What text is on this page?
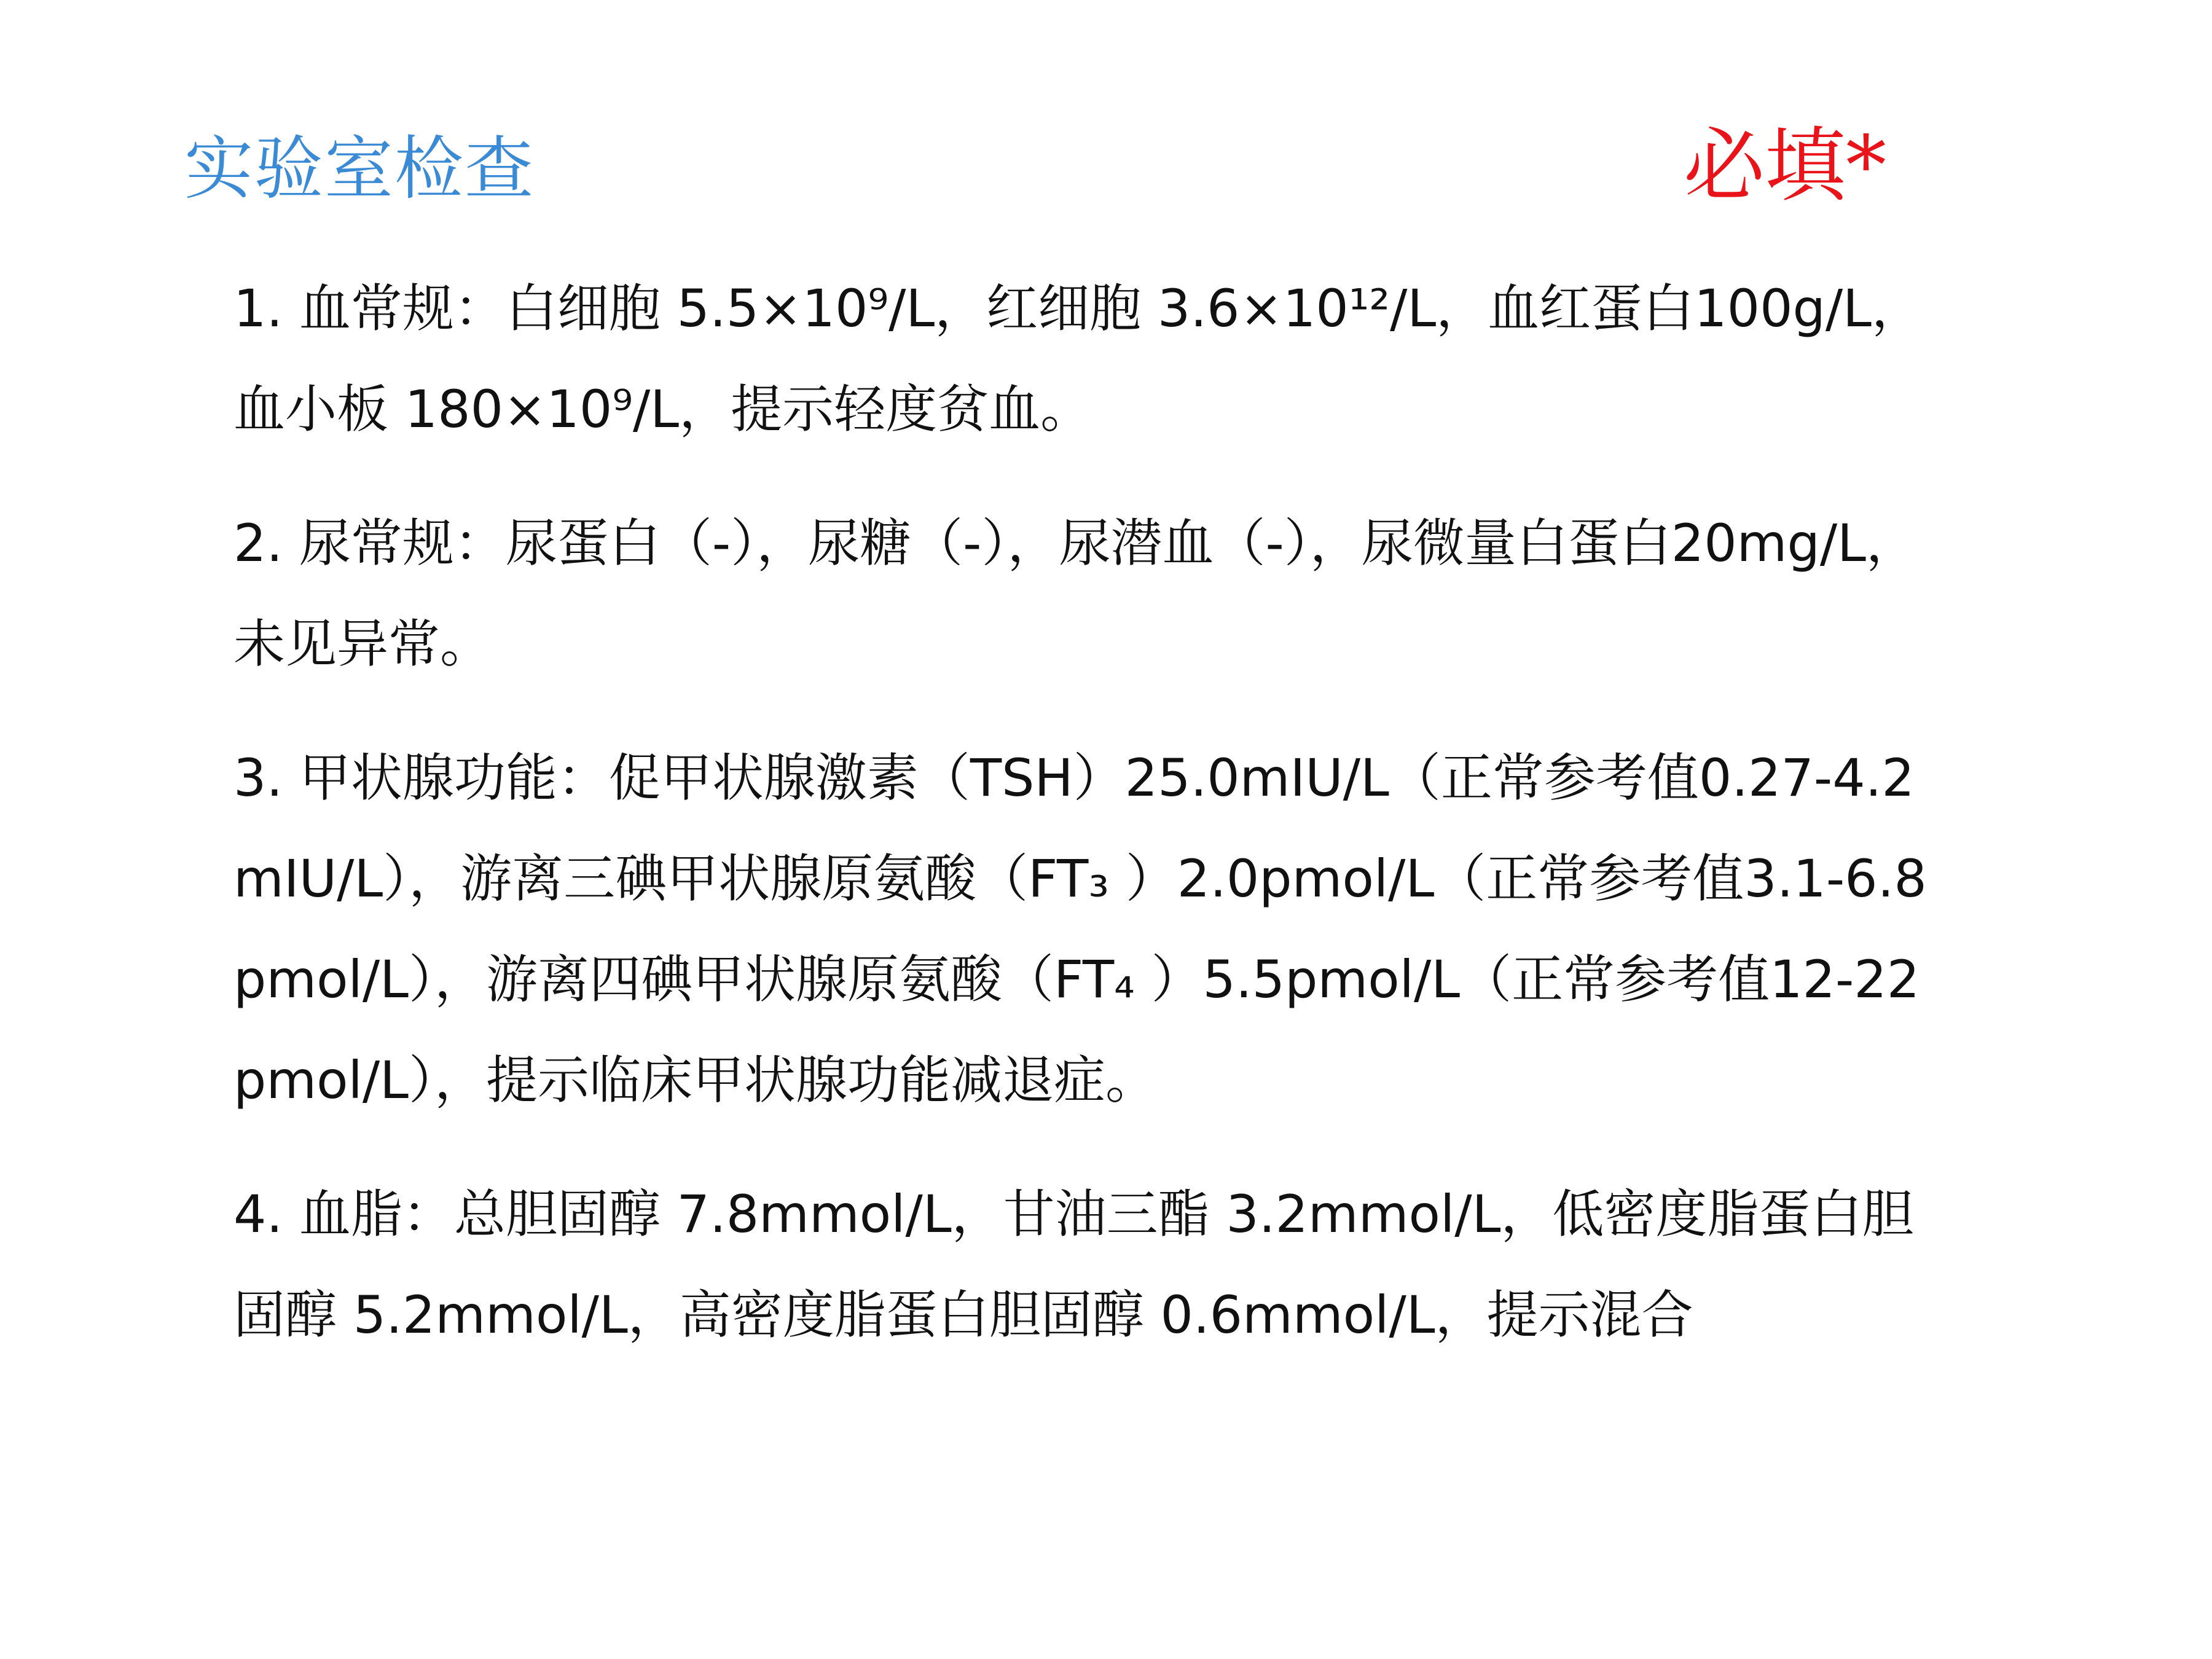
实验室检查	必填*

1. 血常规：白细胞 5.5×10⁹/L，红细胞 3.6×10¹²/L，血红蛋白100g/L，血小板 180×10⁹/L，提示轻度贫血。

2. 尿常规：尿蛋白（-），尿糖（-），尿潜血（-），尿微量白蛋白20mg/L，未见异常。

3. 甲状腺功能：促甲状腺激素（TSH）25.0mIU/L（正常参考值0.27-4.2mIU/L），游离三碘甲状腺原氨酸（FT₃ ）2.0pmol/L（正常参考值3.1-6.8pmol/L），游离四碘甲状腺原氨酸（FT₄ ）5.5pmol/L（正常参考值12-22pmol/L），提示临床甲状腺功能减退症。

4. 血脂：总胆固醇 7.8mmol/L，甘油三酯 3.2mmol/L，低密度脂蛋白胆固醇 5.2mmol/L，高密度脂蛋白胆固醇 0.6mmol/L，提示混合
